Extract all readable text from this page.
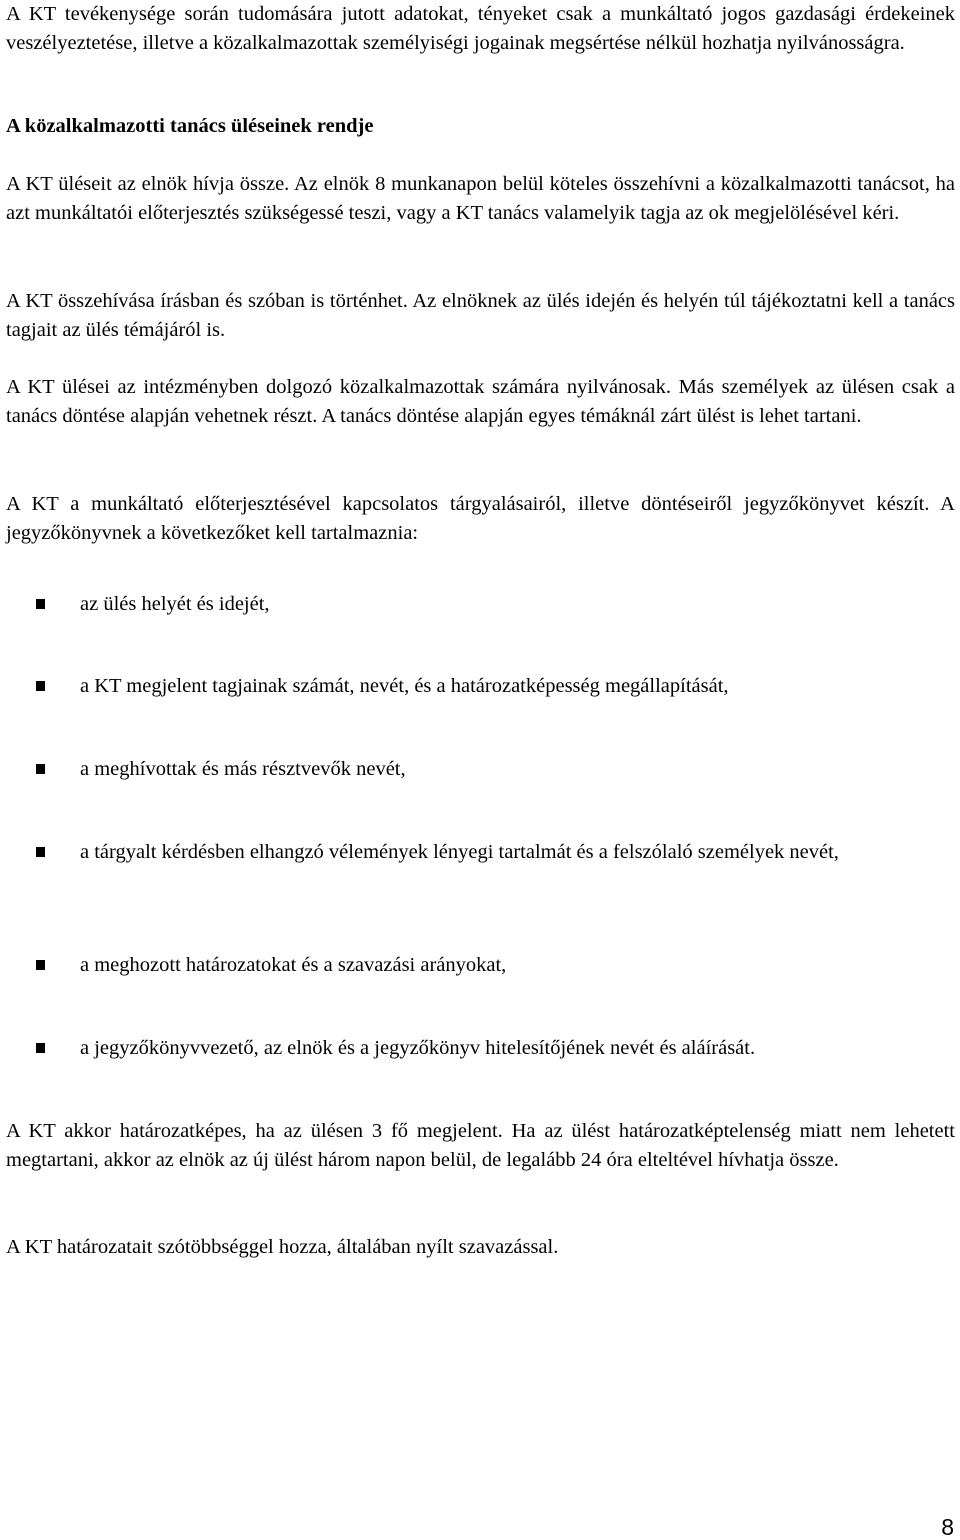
A KT tevékenysége során tudomására jutott adatokat, tényeket csak a munkáltató jogos gazdasági érdekeinek veszélyeztetése, illetve a közalkalmazottak személyiségi jogainak megsértése nélkül hozhatja nyilvánosságra.

A közalkalmazotti tanács üléseinek rendje

A KT üléseit az elnök hívja össze. Az elnök 8 munkanapon belül köteles összehívni a közalkalmazotti tanácsot, ha azt munkáltatói előterjesztés szükségessé teszi, vagy a KT tanács valamelyik tagja az ok megjelölésével kéri.

A KT összehívása írásban és szóban is történhet. Az elnöknek az ülés idején és helyén túl tájékoztatni kell a tanács tagjait az ülés témájáról is.

A KT ülései az intézményben dolgozó közalkalmazottak számára nyilvánosak. Más személyek az ülésen csak a tanács döntése alapján vehetnek részt. A tanács döntése alapján egyes témáknál zárt ülést is lehet tartani.

A KT a munkáltató előterjesztésével kapcsolatos tárgyalásairól, illetve döntéseiről jegyzőkönyvet készít. A jegyzőkönyvnek a következőket kell tartalmaznia:

az ülés helyét és idejét,
a KT megjelent tagjainak számát, nevét, és a határozatképesség megállapítását,
a meghívottak és más résztvevők nevét,
a tárgyalt kérdésben elhangzó vélemények lényegi tartalmát és a felszólaló személyek nevét,
a meghozott határozatokat és a szavazási arányokat,
a jegyzőkönyvvezető, az elnök és a jegyzőkönyv hitelesítőjének nevét és aláírását.

A KT akkor határozatképes, ha az ülésen 3 fő megjelent. Ha az ülést határozatképtelenség miatt nem lehetett megtartani, akkor az elnök az új ülést három napon belül, de legalább 24 óra elteltével hívhatja össze.

A KT határozatait szótöbbséggel hozza, általában nyílt szavazással.

8
